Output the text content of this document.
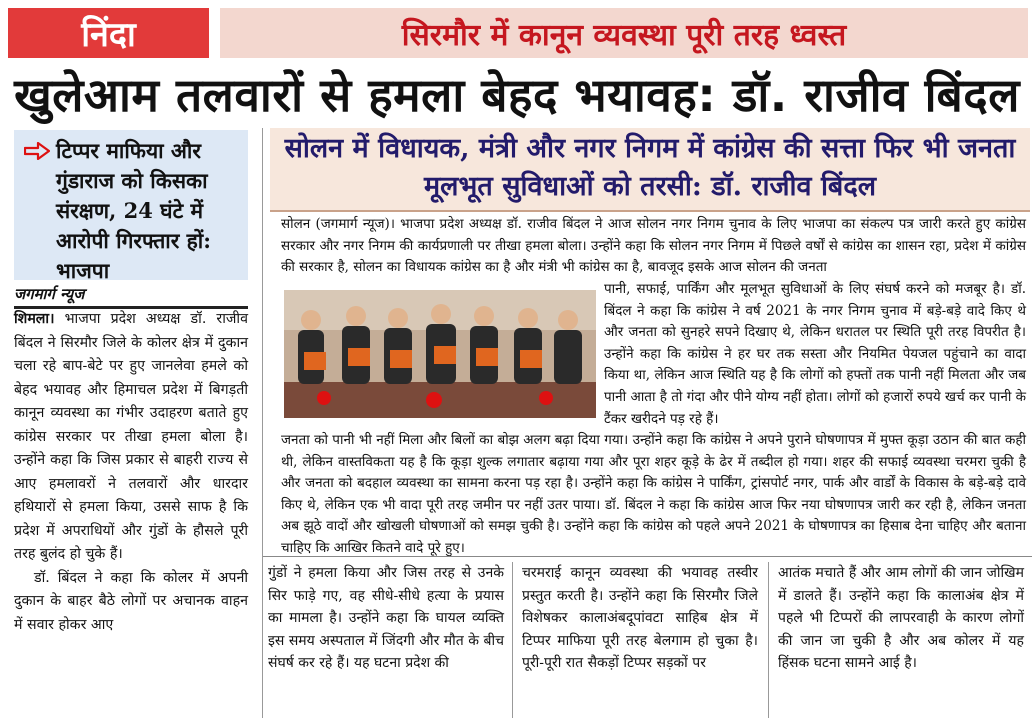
निंदा	सिरमौर में कानून व्यवस्था पूरी तरह ध्वस्त
खुलेआम तलवारों से हमला बेहद भयावह: डॉ. राजीव बिंदल
टिप्पर माफिया और गुंडाराज को किसका संरक्षण, 24 घंटे में आरोपी गिरफ्तार हों: भाजपा
जगमार्ग न्यूज

शिमला। भाजपा प्रदेश अध्यक्ष डॉ. राजीव बिंदल ने सिरमौर जिले के कोलर क्षेत्र में दुकान चला रहे बाप-बेटे पर हुए जानलेवा हमले को बेहद भयावह और हिमाचल प्रदेश में बिगड़ती कानून व्यवस्था का गंभीर उदाहरण बताते हुए कांग्रेस सरकार पर तीखा हमला बोला है। उन्होंने कहा कि जिस प्रकार से बाहरी राज्य से आए हमलावरों ने तलवारों और धारदार हथियारों से हमला किया, उससे साफ है कि प्रदेश में अपराधियों और गुंडों के हौसले पूरी तरह बुलंद हो चुके हैं।

डॉ. बिंदल ने कहा कि कोलर में अपनी दुकान के बाहर बैठे लोगों पर अचानक वाहन में सवार होकर आए

सोलन में विधायक, मंत्री और नगर निगम में कांग्रेस की सत्ता फिर भी जनता मूलभूत सुविधाओं को तरसी: डॉ. राजीव बिंदल
सोलन (जगमार्ग न्यूज)। भाजपा प्रदेश अध्यक्ष डॉ. राजीव बिंदल ने आज सोलन नगर निगम चुनाव के लिए भाजपा का संकल्प पत्र जारी करते हुए कांग्रेस सरकार और नगर निगम की कार्यप्रणाली पर तीखा हमला बोला। उन्होंने कहा कि सोलन नगर निगम में पिछले वर्षों से कांग्रेस का शासन रहा, प्रदेश में कांग्रेस की सरकार है, सोलन का विधायक कांग्रेस का है और मंत्री भी कांग्रेस का है, बावजूद इसके आज सोलन की जनता
पानी, सफाई, पार्किंग और मूलभूत सुविधाओं के लिए संघर्ष करने को मजबूर है। डॉ. बिंदल ने कहा कि कांग्रेस ने वर्ष 2021 के नगर निगम चुनाव में बड़े-बड़े वादे किए थे और जनता को सुनहरे सपने दिखाए थे, लेकिन धरातल पर स्थिति पूरी तरह विपरीत है। उन्होंने कहा कि कांग्रेस ने हर घर तक सस्ता और नियमित पेयजल पहुंचाने का वादा किया था, लेकिन आज स्थिति यह है कि लोगों को हफ्तों तक पानी नहीं मिलता और जब पानी आता है तो गंदा और पीने योग्य नहीं होता। लोगों को हजारों रुपये खर्च कर पानी के टैंकर खरीदने पड़ रहे हैं।
जनता को पानी भी नहीं मिला और बिलों का बोझ अलग बढ़ा दिया गया। उन्होंने कहा कि कांग्रेस ने अपने पुराने घोषणापत्र में मुफ्त कूड़ा उठान की बात कही थी, लेकिन वास्तविकता यह है कि कूड़ा शुल्क लगातार बढ़ाया गया और पूरा शहर कूड़े के ढेर में तब्दील हो गया। शहर की सफाई व्यवस्था चरमरा चुकी है और जनता को बदहाल व्यवस्था का सामना करना पड़ रहा है। उन्होंने कहा कि कांग्रेस ने पार्किंग, ट्रांसपोर्ट नगर, पार्क और वार्डों के विकास के बड़े-बड़े दावे किए थे, लेकिन एक भी वादा पूरी तरह जमीन पर नहीं उतर पाया। डॉ. बिंदल ने कहा कि कांग्रेस आज फिर नया घोषणापत्र जारी कर रही है, लेकिन जनता अब झूठे वादों और खोखली घोषणाओं को समझ चुकी है। उन्होंने कहा कि कांग्रेस को पहले अपने 2021 के घोषणापत्र का हिसाब देना चाहिए और बताना चाहिए कि आखिर कितने वादे पूरे हुए।
गुंडों ने हमला किया और जिस तरह से उनके सिर फाड़े गए, वह सीधे-सीधे हत्या के प्रयास का मामला है। उन्होंने कहा कि घायल व्यक्ति इस समय अस्पताल में जिंदगी और मौत के बीच संघर्ष कर रहे हैं। यह घटना प्रदेश की
चरमराई कानून व्यवस्था की भयावह तस्वीर प्रस्तुत करती है। उन्होंने कहा कि सिरमौर जिले विशेषकर कालाअंबदूपांवटा साहिब क्षेत्र में टिप्पर माफिया पूरी तरह बेलगाम हो चुका है। पूरी-पूरी रात सैकड़ों टिप्पर सड़कों पर
आतंक मचाते हैं और आम लोगों की जान जोखिम में डालते हैं। उन्होंने कहा कि कालाअंब क्षेत्र में पहले भी टिप्परों की लापरवाही के कारण लोगों की जान जा चुकी है और अब कोलर में यह हिंसक घटना सामने आई है।
